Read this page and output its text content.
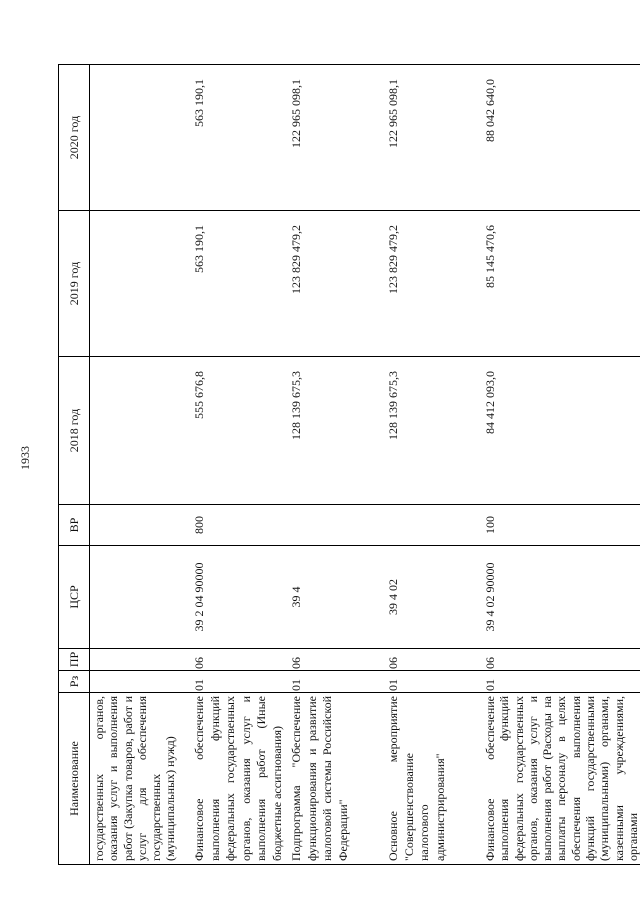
1933
Наименование	Рз	ПР	ЦСР	ВР	2018 год	2019 год	2020 год
государственных органов, оказания услуг и выполнения работ (Закупка товаров, работ и услуг для обеспечения государственных (муниципальных) нужд)							
Финансовое обеспечение выполнения функций федеральных государственных органов, оказания услуг и выполнения работ (Иные бюджетные ассигнования)	01	06	39 2 04 90000	800	555 676,8	563 190,1	563 190,1
Подпрограмма "Обеспечение функционирования и развитие налоговой системы Российской Федерации"	01	06	39 4		128 139 675,3	123 829 479,2	122 965 098,1
Основное мероприятие "Совершенствование налогового администрирования"	01	06	39 4 02		128 139 675,3	123 829 479,2	122 965 098,1
Финансовое обеспечение выполнения функций федеральных государственных органов, оказания услуг и выполнения работ (Расходы на выплаты персоналу в целях обеспечения выполнения функций государственными (муниципальными) органами, казенными учреждениями, органами	01	06	39 4 02 90000	100	84 412 093,0	85 145 470,6	88 042 640,0
